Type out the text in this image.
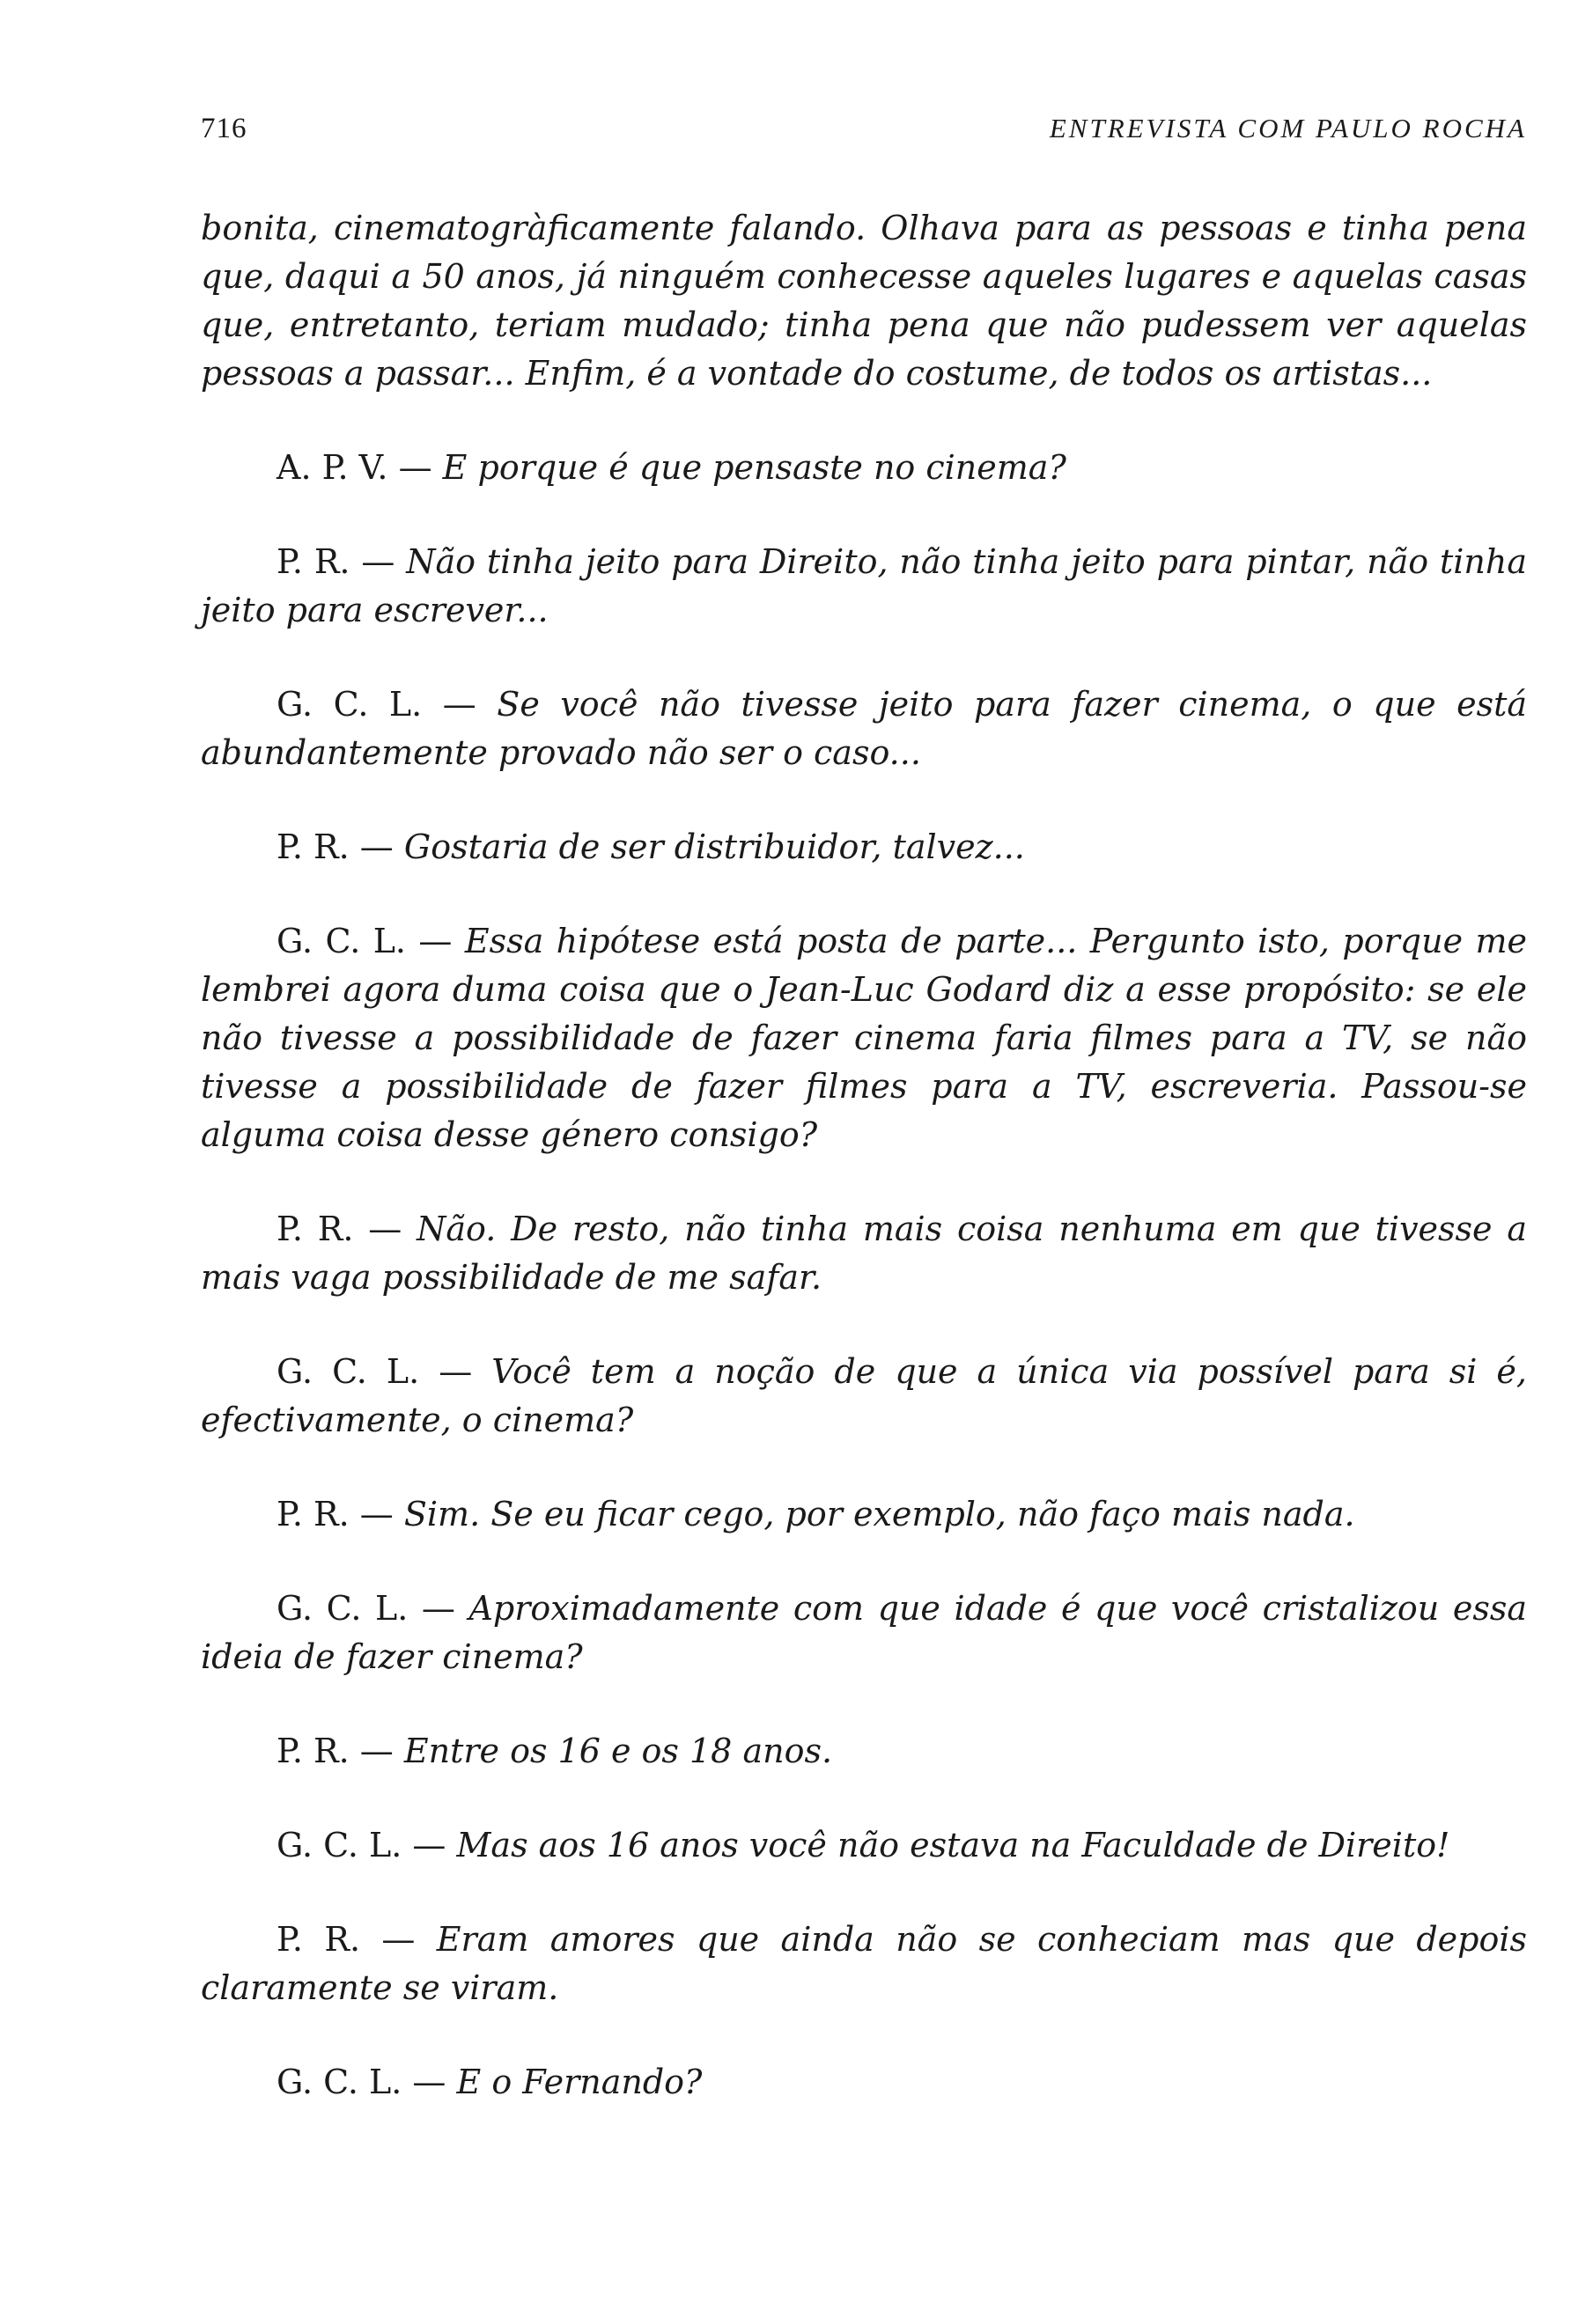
716	ENTREVISTA COM PAULO ROCHA

bonita, cinematogràficamente falando. Olhava para as pessoas e tinha pena que, daqui a 50 anos, já ninguém conhecesse aqueles lugares e aquelas casas que, entretanto, teriam mudado; tinha pena que não pudessem ver aquelas pessoas a passar... Enfim, é a vontade do costume, de todos os artistas...

A. P. V. — E porque é que pensaste no cinema?

P. R. — Não tinha jeito para Direito, não tinha jeito para pintar, não tinha jeito para escrever...

G. C. L. — Se você não tivesse jeito para fazer cinema, o que está abundantemente provado não ser o caso...

P. R. — Gostaria de ser distribuidor, talvez...

G. C. L. — Essa hipótese está posta de parte... Pergunto isto, porque me lembrei agora duma coisa que o Jean-Luc Godard diz a esse propósito: se ele não tivesse a possibilidade de fazer cinema faria filmes para a TV, se não tivesse a possibilidade de fazer filmes para a TV, escreveria. Passou-se alguma coisa desse género consigo?

P. R. — Não. De resto, não tinha mais coisa nenhuma em que tivesse a mais vaga possibilidade de me safar.

G. C. L. — Você tem a noção de que a única via possível para si é, efectivamente, o cinema?

P. R. — Sim. Se eu ficar cego, por exemplo, não faço mais nada.

G. C. L. — Aproximadamente com que idade é que você cristalizou essa ideia de fazer cinema?

P. R. — Entre os 16 e os 18 anos.

G. C. L. — Mas aos 16 anos você não estava na Faculdade de Direito!

P. R. — Eram amores que ainda não se conheciam mas que depois claramente se viram.

G. C. L. — E o Fernando?
